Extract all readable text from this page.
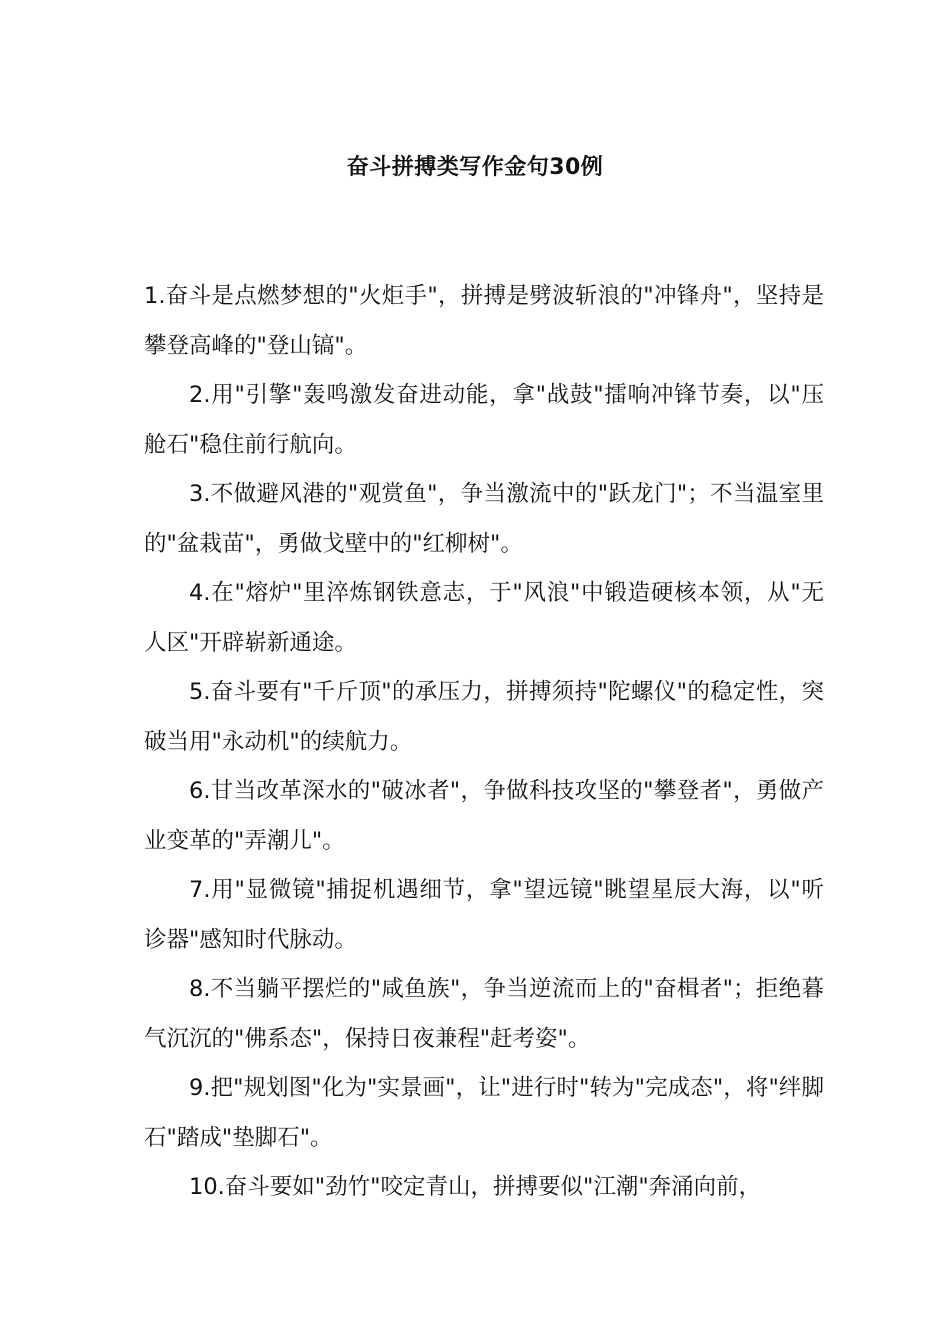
奋斗拼搏类写作金句30例

1.奋斗是点燃梦想的"火炬手"，拼搏是劈波斩浪的"冲锋舟"，坚持是攀登高峰的"登山镐"。

2.用"引擎"轰鸣激发奋进动能，拿"战鼓"擂响冲锋节奏，以"压舱石"稳住前行航向。

3.不做避风港的"观赏鱼"，争当激流中的"跃龙门"；不当温室里的"盆栽苗"，勇做戈壁中的"红柳树"。

4.在"熔炉"里淬炼钢铁意志，于"风浪"中锻造硬核本领，从"无人区"开辟崭新通途。

5.奋斗要有"千斤顶"的承压力，拼搏须持"陀螺仪"的稳定性，突破当用"永动机"的续航力。

6.甘当改革深水的"破冰者"，争做科技攻坚的"攀登者"，勇做产业变革的"弄潮儿"。

7.用"显微镜"捕捉机遇细节，拿"望远镜"眺望星辰大海，以"听诊器"感知时代脉动。

8.不当躺平摆烂的"咸鱼族"，争当逆流而上的"奋楫者"；拒绝暮气沉沉的"佛系态"，保持日夜兼程"赶考姿"。

9.把"规划图"化为"实景画"，让"进行时"转为"完成态"，将"绊脚石"踏成"垫脚石"。

10.奋斗要如"劲竹"咬定青山，拼搏要似"江潮"奔涌向前，
